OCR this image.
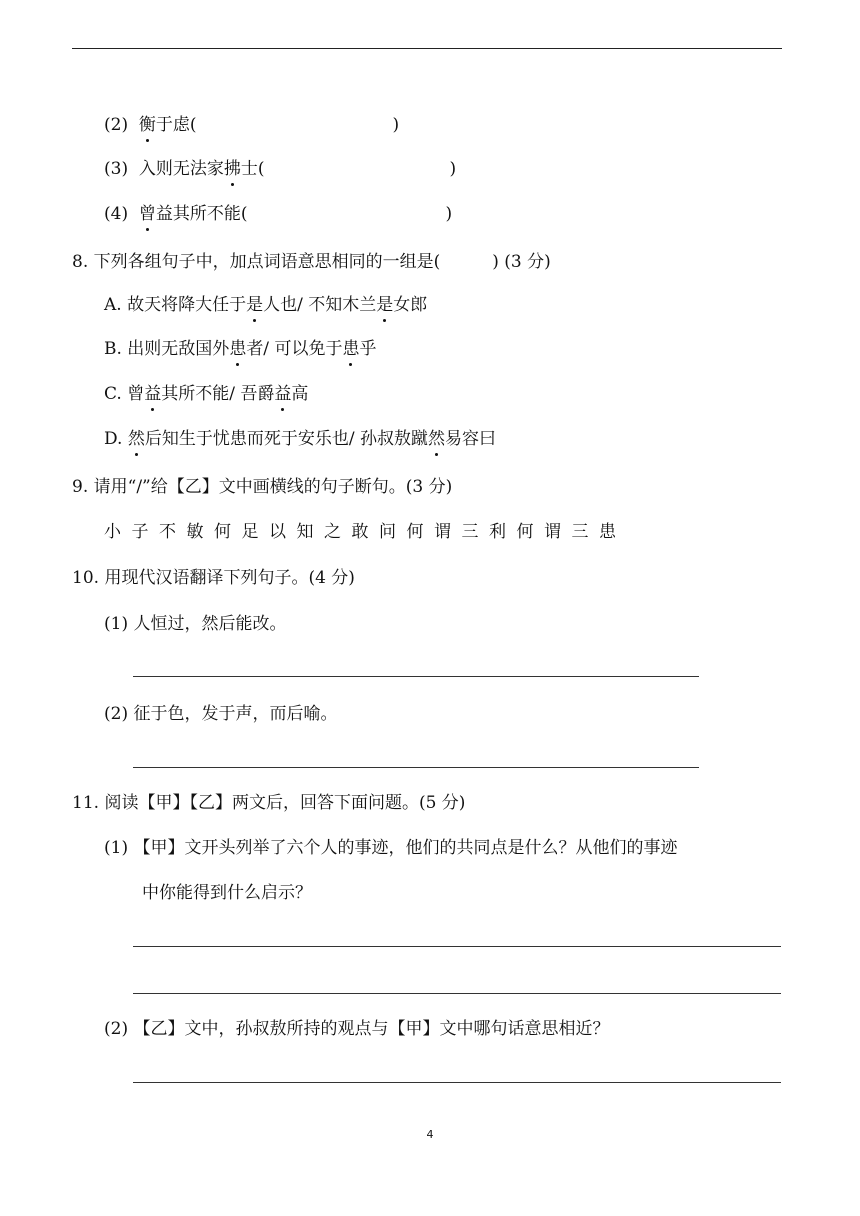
(2) 衡于虑(	)
(3) 入则无法家拂士(	)
(4) 曾益其所不能(	)
8. 下列各组句子中，加点词语意思相同的一组是(	) (3 分)
A. 故天将降大任于是人也/ 不知木兰是女郎
B. 出则无敌国外患者/ 可以免于患乎
C. 曾益其所不能/ 吾爵益高
D. 然后知生于忧患而死于安乐也/ 孙叔敖蹴然易容曰
9. 请用“/”给【乙】文中画横线的句子断句。(3 分)
小子不敏何足以知之敢问何谓三利何谓三患
10. 用现代汉语翻译下列句子。(4 分)
(1) 人恒过，然后能改。
(2) 征于色，发于声，而后喻。
11. 阅读【甲】【乙】两文后，回答下面问题。(5 分)
(1) 【甲】文开头列举了六个人的事迹，他们的共同点是什么？从他们的事迹
中你能得到什么启示？
(2) 【乙】文中，孙叔敖所持的观点与【甲】文中哪句话意思相近？
4
